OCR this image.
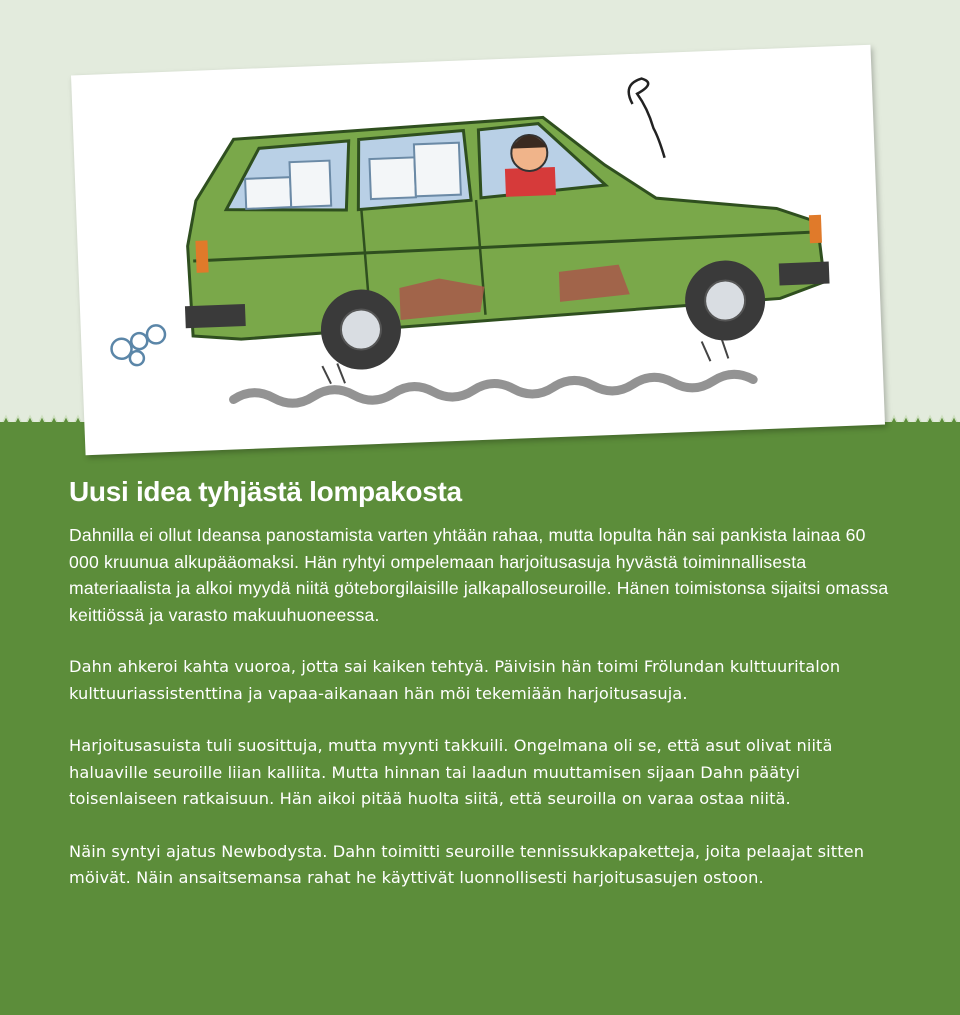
Uusi idea tyhjästä lompakosta

Dahnilla ei ollut Ideansa panostamista varten yhtään rahaa, mutta lopulta hän sai pankista lainaa 60 000 kruunua alkupääomaksi. Hän ryhtyi ompelemaan harjoitusasuja hyvästä toiminnallisesta materiaalista ja alkoi myydä niitä göteborgilaisille jalkapalloseuroille. Hänen toimistonsa sijaitsi omassa keittiössä ja varasto makuuhuoneessa.

Dahn ahkeroi kahta vuoroa, jotta sai kaiken tehtyä. Päivisin hän toimi Frölundan kulttuuritalon kulttuuriassistenttina ja vapaa-aikanaan hän möi tekemiään harjoitusasuja.

Harjoitusasuista tuli suosittuja, mutta myynti takkuili. Ongelmana oli se, että asut olivat niitä haluaville seuroille liian kalliita. Mutta hinnan tai laadun muuttamisen sijaan Dahn päätyi toisenlaiseen ratkaisuun. Hän aikoi pitää huolta siitä, että seuroilla on varaa ostaa niitä.

Näin syntyi ajatus Newbodysta. Dahn toimitti seuroille tennissukkapaketteja, joita pelaajat sitten möivät. Näin ansaitsemansa rahat he käyttivät luonnollisesti harjoitusasujen ostoon.
